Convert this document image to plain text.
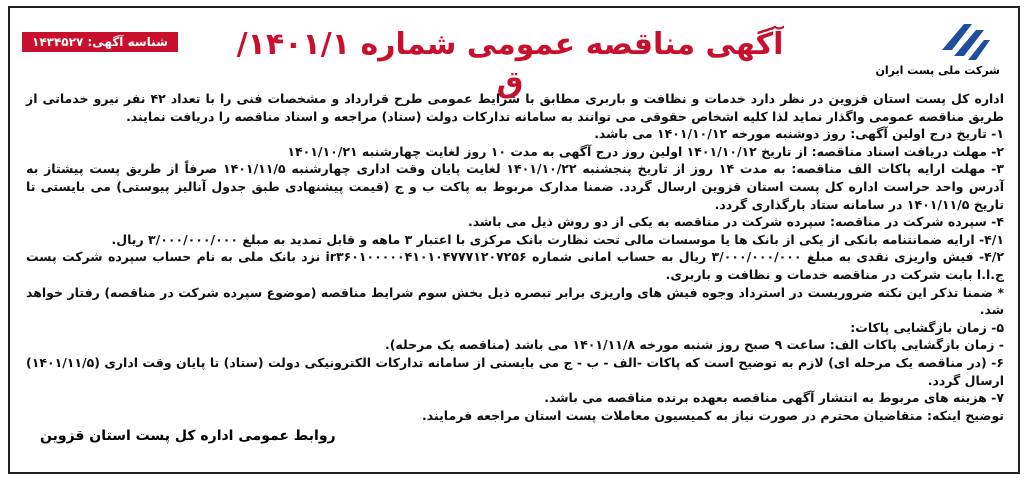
شناسه آگهی: ۱۴۳۴۵۲۷
شرکت ملی پست ایران
آگهی مناقصه عمومی شماره ۱۴۰۱/۱/ق

اداره کل پست استان قزوین در نظر دارد خدمات و نظافت و باربری مطابق با شرایط عمومی طرح قرارداد و مشخصات فنی را با تعداد ۴۲ نفر نیرو خدماتی از طریق مناقصه عمومی واگذار نماید لذا کلیه اشخاص حقوقی می توانند به سامانه تدارکات دولت (ستاد) مراجعه و اسناد مناقصه را دریافت نمایند.

۱- تاریخ درج اولین آگهی: روز دوشنبه مورخه ۱۴۰۱/۱۰/۱۲ می باشد.

۲- مهلت دریافت اسناد مناقصه: از تاریخ ۱۴۰۱/۱۰/۱۲ اولین روز درج آگهی به مدت ۱۰ روز لغایت چهارشنبه ۱۴۰۱/۱۰/۲۱

۳- مهلت ارایه پاکات الف مناقصه: به مدت ۱۴ روز از تاریخ پنجشنبه ۱۴۰۱/۱۰/۲۲ لغایت پایان وقت اداری چهارشنبه ۱۴۰۱/۱۱/۵ صرفاً از طریق پست پیشتاز به آدرس واحد حراست اداره کل پست استان قزوین ارسال گردد. ضمنا مدارک مربوط به پاکت ب و ج (قیمت پیشنهادی طبق جدول آنالیز پیوستی) می بایستی تا تاریخ ۱۴۰۱/۱۱/۵ در سامانه ستاد بارگذاری گردد.

۴- سپرده شرکت در مناقصه: سپرده شرکت در مناقصه به یکی از دو روش ذیل می باشد.

۴/۱- ارایه ضمانتنامه بانکی از یکی از بانک ها یا موسسات مالی تحت نظارت بانک مرکزی با اعتبار ۳ ماهه و قابل تمدید به مبلغ ۳/۰۰۰/۰۰۰/۰۰۰ ریال.

۴/۲- فیش واریزی نقدی به مبلغ ۳/۰۰۰/۰۰۰/۰۰۰ ریال به حساب امانی شماره ir۳۶۰۱۰۰۰۰۰۴۱۰۱۰۴۷۷۷۱۲۰۷۲۵۶ نزد بانک ملی به نام حساب سپرده شرکت پست ج.ا.ا بابت شرکت در مناقصه خدمات و نظافت و باربری.

* ضمنا تذکر این نکته ضروریست در استرداد وجوه فیش های واریزی برابر تبصره ذیل بخش سوم شرایط مناقصه (موضوع سپرده شرکت در مناقصه) رفتار خواهد شد.

۵- زمان بازگشایی پاکات:

- زمان بازگشایی پاکات الف: ساعت ۹ صبح روز شنبه مورخه ۱۴۰۱/۱۱/۸ می باشد (مناقصه یک مرحله).

۶- (در مناقصه یک مرحله ای) لازم به توضیح است که پاکات -الف - ب - ج می بایستی از سامانه تدارکات الکترونیکی دولت (ستاد) تا پایان وقت اداری (۱۴۰۱/۱۱/۵) ارسال گردد.

۷- هزینه های مربوط به انتشار آگهی مناقصه بعهده برنده مناقصه می باشد.

توضیح اینکه: متقاضیان محترم در صورت نیاز به کمیسیون معاملات پست استان مراجعه فرمایند.

روابط عمومی اداره کل پست استان قزوین
